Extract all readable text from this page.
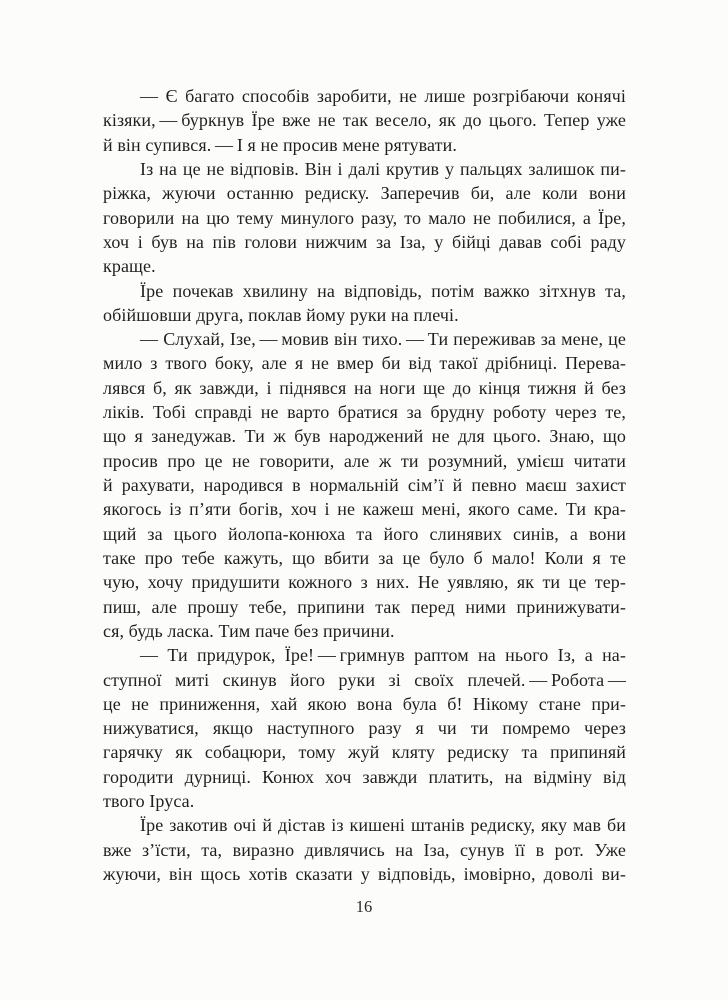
— Є багато способів заробити, не лише розгрібаючи конячі
кізяки, — буркнув Їре вже не так весело, як до цього. Тепер уже
й він супився. — І я не просив мене рятувати.
Із на це не відповів. Він і далі крутив у пальцях залишок пи-
ріжка, жуючи останню редиску. Заперечив би, але коли вони
говорили на цю тему минулого разу, то мало не побилися, а Їре,
хоч і був на пів голови нижчим за Іза, у бійці давав собі раду
краще.
Їре почекав хвилину на відповідь, потім важко зітхнув та,
обійшовши друга, поклав йому руки на плечі.
— Слухай, Ізе, — мовив він тихо. — Ти переживав за мене, це
мило з твого боку, але я не вмер би від такої дрібниці. Перева-
лявся б, як завжди, і піднявся на ноги ще до кінця тижня й без
ліків. Тобі справді не варто братися за брудну роботу через те,
що я занедужав. Ти ж був народжений не для цього. Знаю, що
просив про це не говорити, але ж ти розумний, умієш читати
й рахувати, народився в нормальній сім’ї й певно маєш захист
якогось із п’яти богів, хоч і не кажеш мені, якого саме. Ти кра-
щий за цього йолопа-конюха та його слинявих синів, а вони
таке про тебе кажуть, що вбити за це було б мало! Коли я те
чую, хочу придушити кожного з них. Не уявляю, як ти це тер-
пиш, але прошу тебе, припини так перед ними принижувати-
ся, будь ласка. Тим паче без причини.
— Ти придурок, Їре! — гримнув раптом на нього Із, а на-
ступної миті скинув його руки зі своїх плечей. — Робота —
це не приниження, хай якою вона була б! Нікому стане при-
нижуватися, якщо наступного разу я чи ти помремо через
гарячку як собацюри, тому жуй кляту редиску та припиняй
городити дурниці. Конюх хоч завжди платить, на відміну від
твого Іруса.
Їре закотив очі й дістав із кишені штанів редиску, яку мав би
вже з’їсти, та, виразно дивлячись на Іза, сунув її в рот. Уже
жуючи, він щось хотів сказати у відповідь, імовірно, доволі ви-
16
